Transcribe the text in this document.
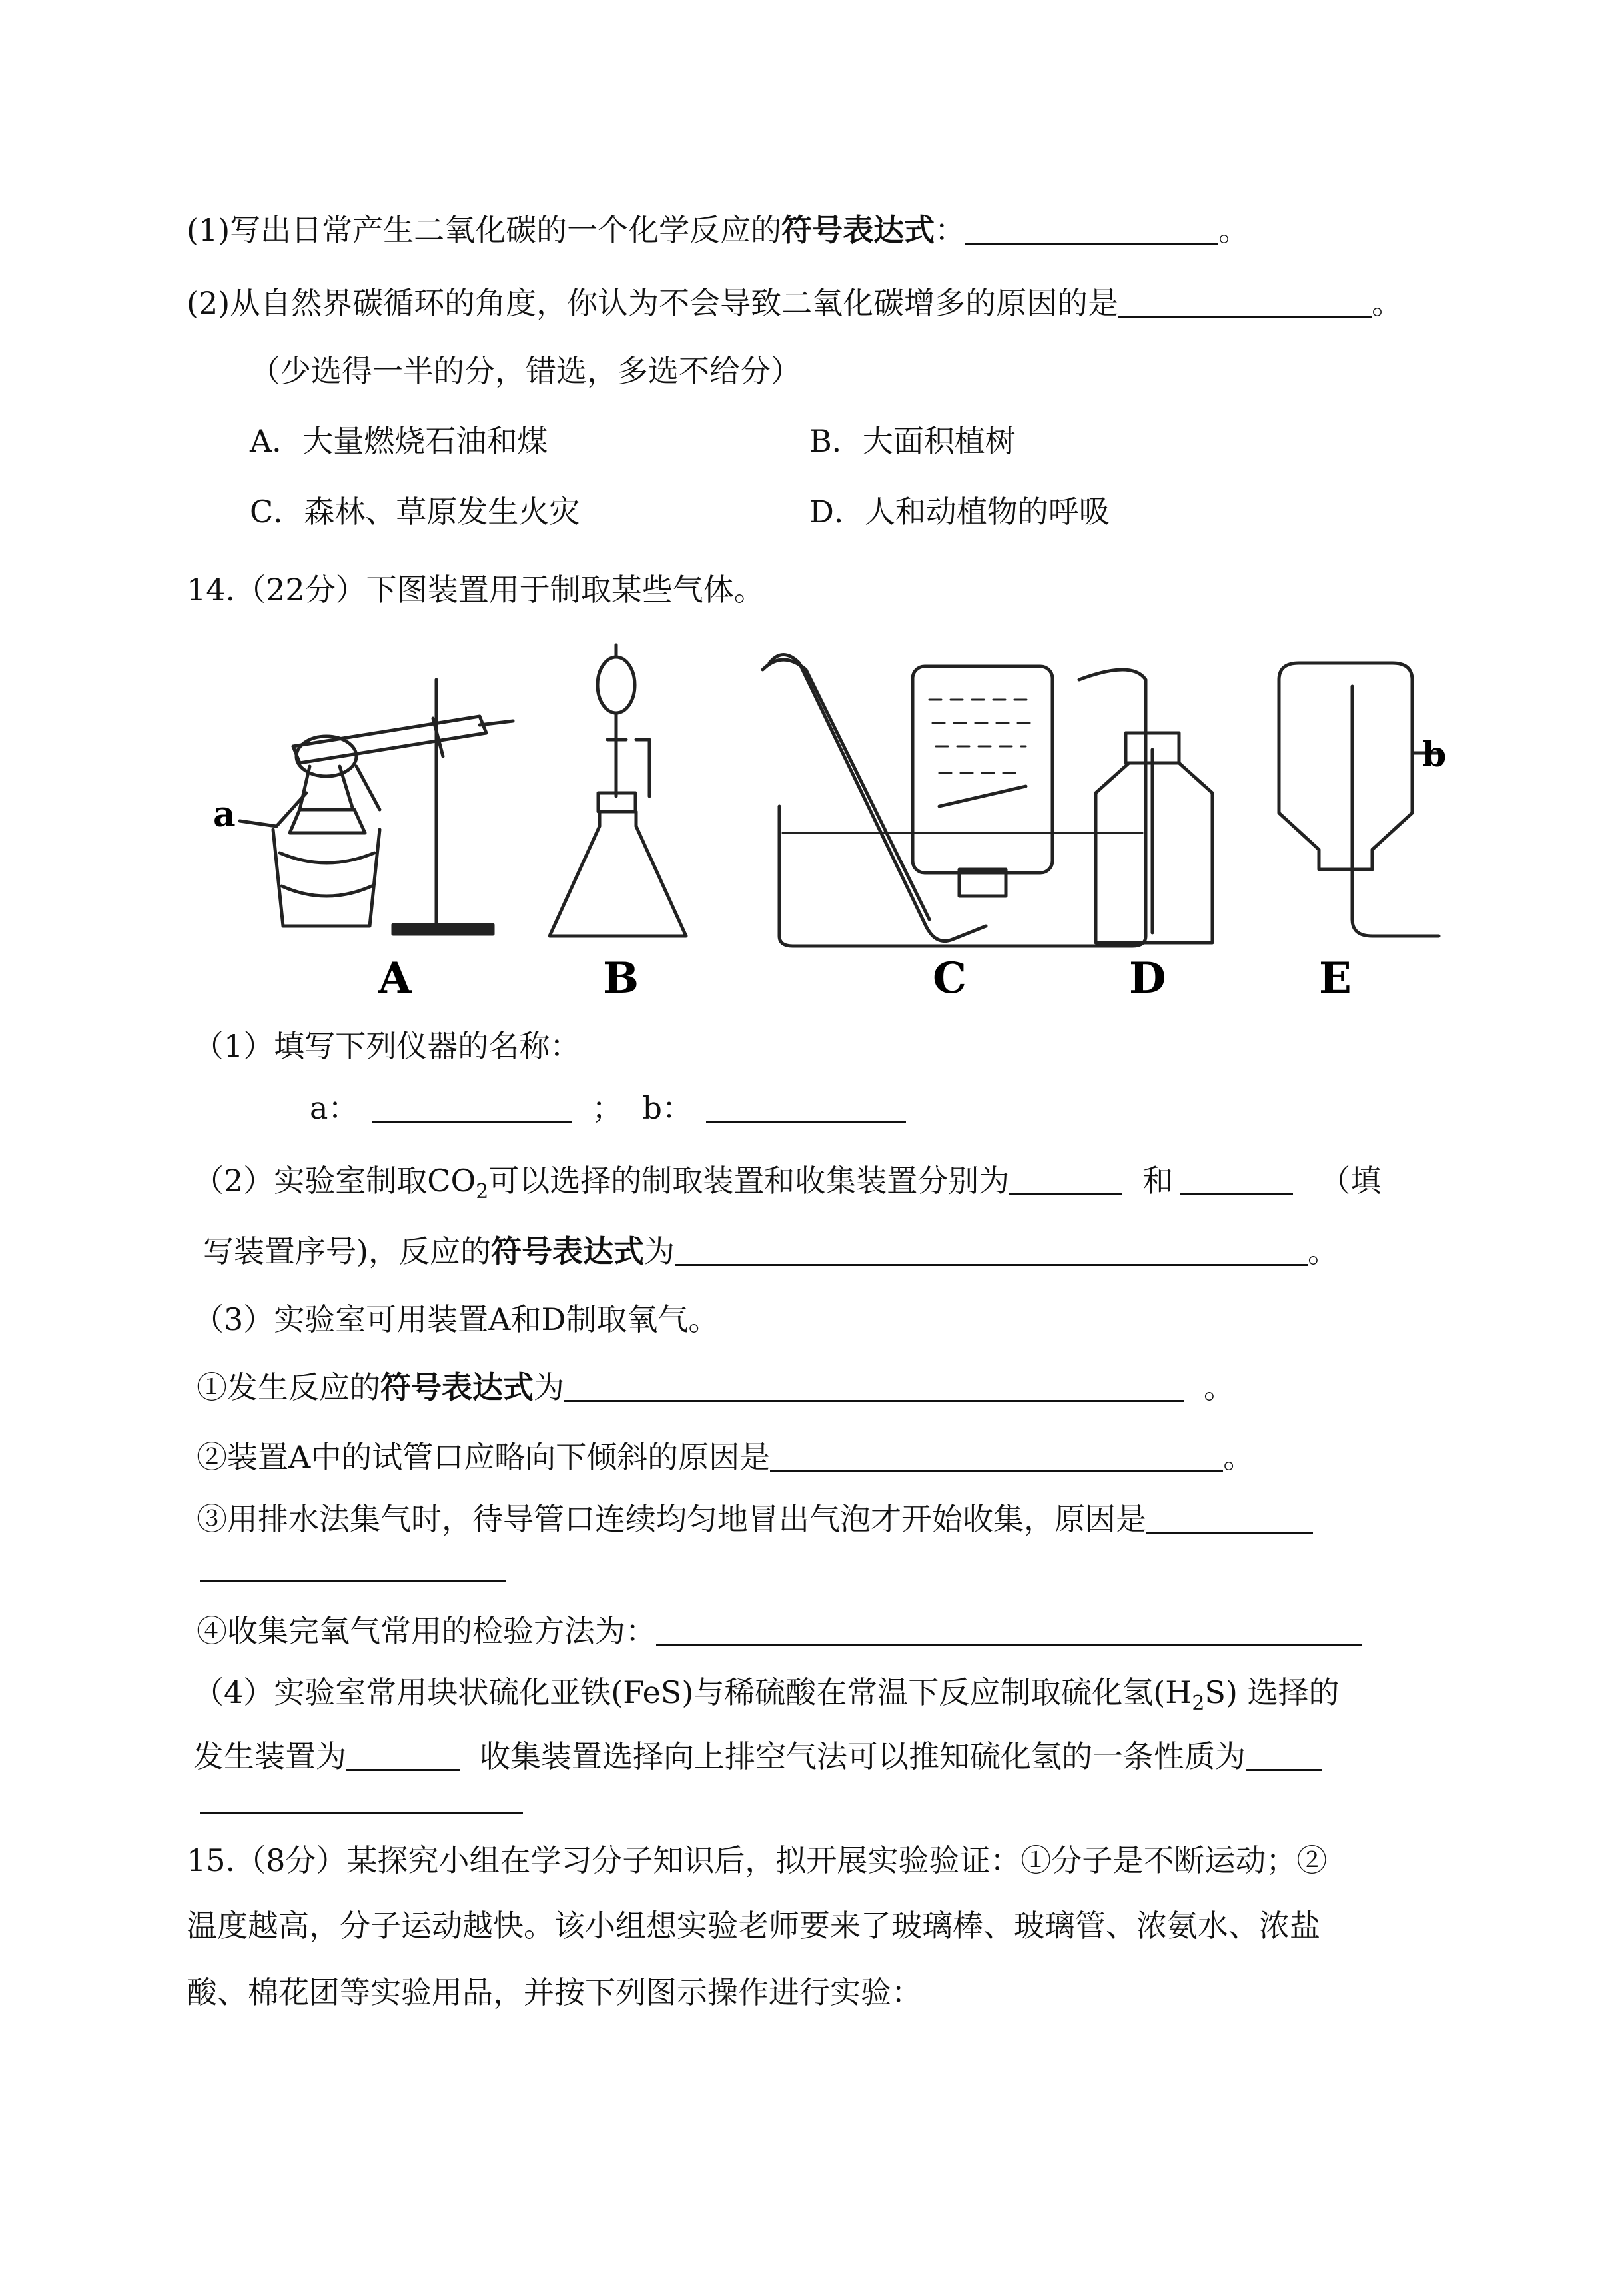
(1)写出日常产生二氧化碳的一个化学反应的符号表达式：	。
(2)从自然界碳循环的角度，你认为不会导致二氧化碳增多的原因的是	。
（少选得一半的分，错选，多选不给分）
A．大量燃烧石油和煤	B．大面积植树
C．森林、草原发生火灾	D．人和动植物的呼吸
14.（22分）下图装置用于制取某些气体。
a
b
A	B	C	D	E
（1）填写下列仪器的名称：
a：	； b：
（2）实验室制取$CO_2$可以选择的制取装置和收集装置分别为	和	（填
写装置序号)，反应的符号表达式为	。
（3）实验室可用装置A和D制取氧气。
①发生反应的符号表达式为	。
②装置A中的试管口应略向下倾斜的原因是	。
③用排水法集气时，待导管口连续均匀地冒出气泡才开始收集，原因是
④收集完氧气常用的检验方法为：
（4）实验室常用块状硫化亚铁(FeS)与稀硫酸在常温下反应制取硫化氢$(H_2S)$ 选择的
发生装置为	收集装置选择向上排空气法可以推知硫化氢的一条性质为
15.（8分）某探究小组在学习分子知识后，拟开展实验验证：①分子是不断运动；②
温度越高，分子运动越快。该小组想实验老师要来了玻璃棒、玻璃管、浓氨水、浓盐
酸、棉花团等实验用品，并按下列图示操作进行实验：
